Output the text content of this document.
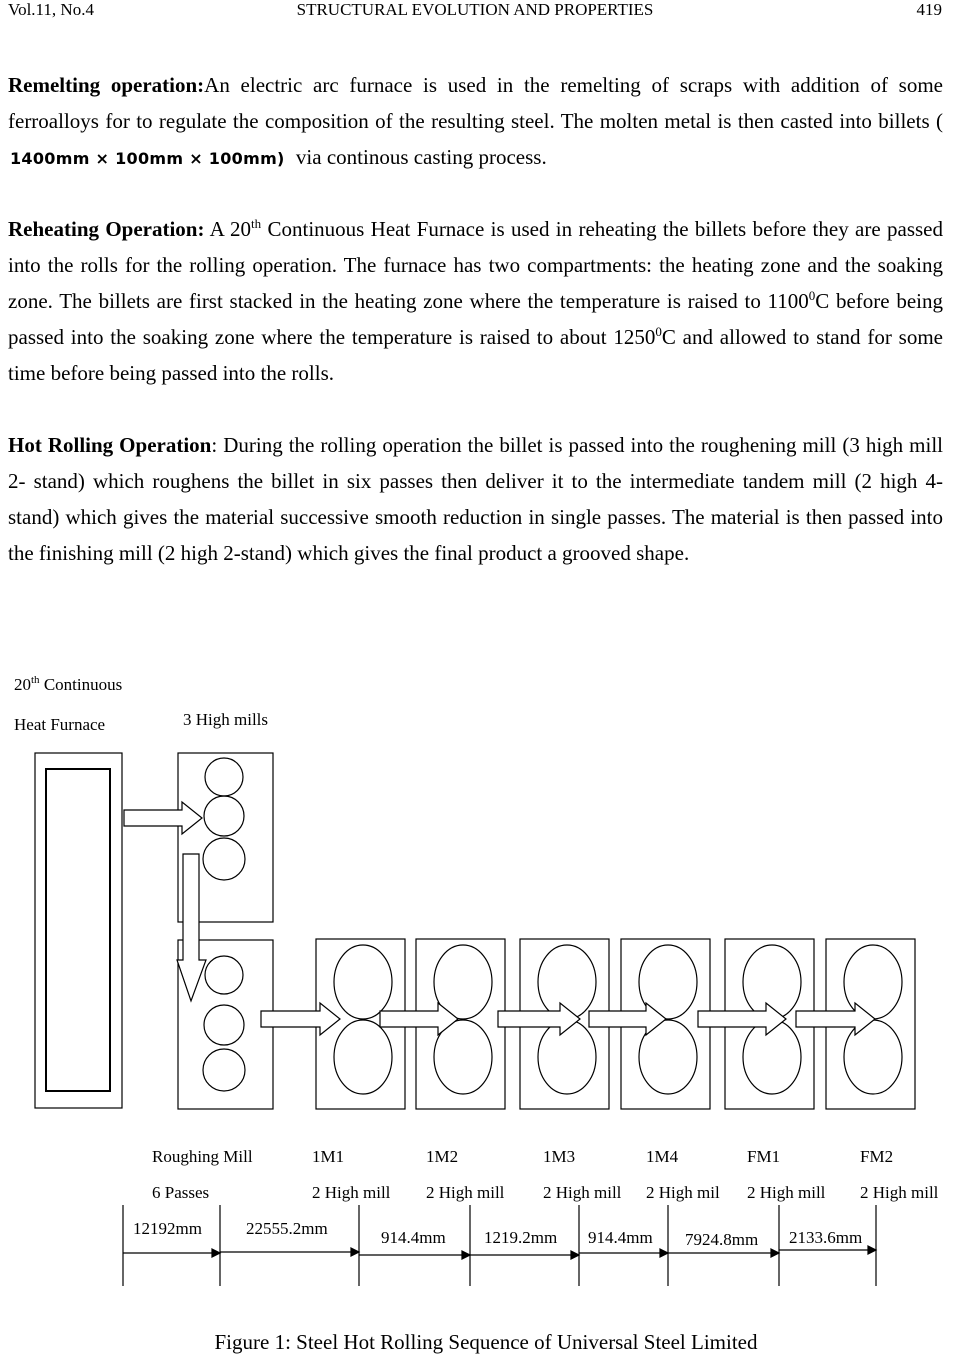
Vol.11, No.4	STRUCTURAL EVOLUTION AND PROPERTIES	419

Remelting operation:An electric arc furnace is used in the remelting of scraps with addition of some ferroalloys for to regulate the composition of the resulting steel. The molten metal is then casted into billets (1400mm × 100mm × 100mm) via continous casting process.

Reheating Operation: A 20th Continuous Heat Furnace is used in reheating the billets before they are passed into the rolls for the rolling operation. The furnace has two compartments: the heating zone and the soaking zone. The billets are first stacked in the heating zone where the temperature is raised to 1100$^0$C before being passed into the soaking zone where the temperature is raised to about 1250$^0$C and allowed to stand for some time before being passed into the rolls.

Hot Rolling Operation: During the rolling operation the billet is passed into the roughening mill (3 high mill 2- stand) which roughens the billet in six passes then deliver it to the intermediate tandem mill (2 high 4- stand) which gives the material successive smooth reduction in single passes. The material is then passed into the finishing mill (2 high 2-stand) which gives the final product a grooved shape.

20th Continuous
Heat Furnace	3 High mills
Roughing Mill
6 Passes
1M1
2 High mill
1M2
2 High mill
1M3
2 High mill
1M4
2 High mil
FM1
2 High mill
FM2
2 High mill
12192mm	22555.2mm	914.4mm 1219.2mm 914.4mm 7924.8mm 2133.6mm
Figure 1: Steel Hot Rolling Sequence of Universal Steel Limited
